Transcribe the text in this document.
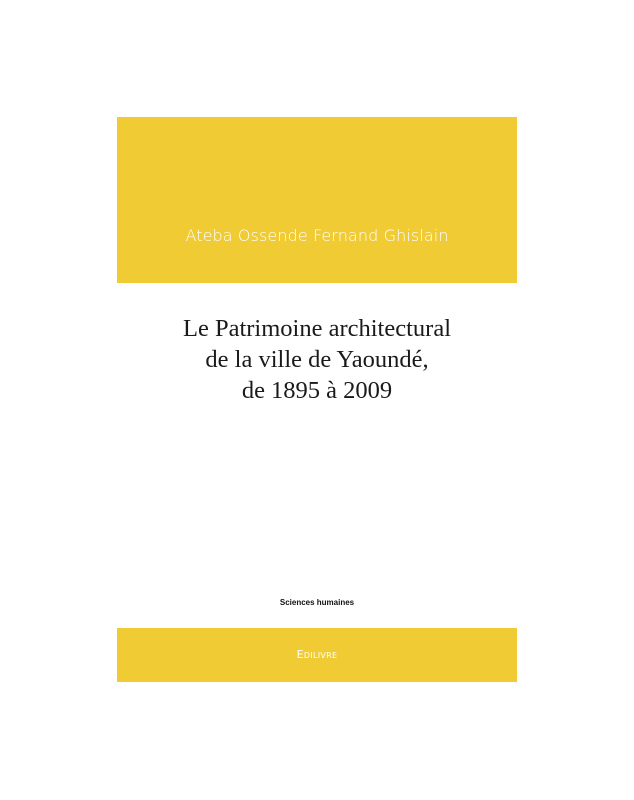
Ateba Ossende Fernand Ghislain
Le Patrimoine architectural
de la ville de Yaoundé,
de 1895 à 2009
Sciences humaines
Edilivre
